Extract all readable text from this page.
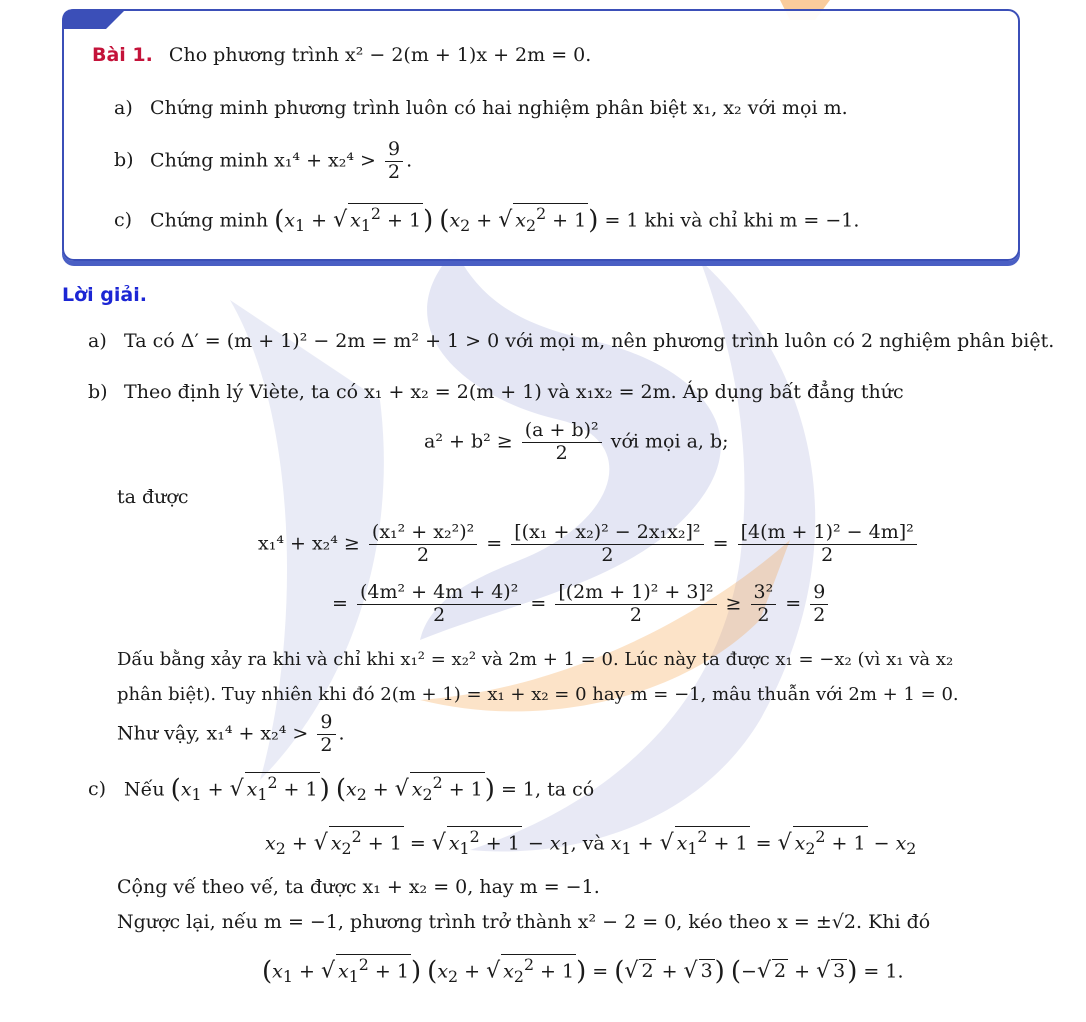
Bài 1. Cho phương trình x² − 2(m + 1)x + 2m = 0.
a) Chứng minh phương trình luôn có hai nghiệm phân biệt x₁, x₂ với mọi m.
b) Chứng minh $x_1^4 + x_2^4 > \frac{9}{2}$ .
c) Chứng minh ($x_1$ + √ $x_1^2 + 1$) ($x_2$ + √ $x_2^2 + 1) = 1$ khi và chỉ khi m = −1.
Lời giải.
a) Ta có Δ′ = (m + 1)² − 2m = m² + 1 > 0 với mọi m, nên phương trình luôn có 2 nghiệm phân biệt.
b) Theo định lý Viète, ta có x₁ + x₂ = 2(m + 1) và x₁x₂ = 2m. Áp dụng bất đẳng thức
$a^2 + b^2 \ge \frac{\text{(a + b)²}}{2}$ với mọi a, b;
ta được
$x_1^4 + x_2^4 \ge \frac{\text{(x₁² + x₂²)²}}{2} = \frac{\text{[(x₁ + x₂)² − 2x₁x₂]²}}{2} = \frac{\text{[4(m + 1)² − 4m]²}}{2}$
= $\frac{\text{(4m² + 4m + 4)²}}{2} = \frac{\text{[(2m + 1)² + 3]²}}{2} \ge \frac{\text{3²}}{2} = \frac{9}{2}$
Dấu bằng xảy ra khi và chỉ khi x₁² = x₂² và 2m + 1 = 0. Lúc này ta được x₁ = −x₂ (vì x₁ và x₂
phân biệt). Tuy nhiên khi đó 2(m + 1) = x₁ + x₂ = 0 hay m = −1, mâu thuẫn với 2m + 1 = 0.
Như vậy, $x_1^4 + x_2^4 > \frac{9}{2}$ .
c) Nếu ($x_1$ + √ $x_1^2 + 1$) ($x_2$ + √ $x_2^2 + 1) = 1$, ta có
$x_2$ + √ $x_2^2 + 1$ = √ $x_1^2 + 1 - x_1$, và $x_1$ + √ $x_1^2 + 1$ = √ $x_2^2 + 1 - x_2$
Cộng vế theo vế, ta được x₁ + x₂ = 0, hay m = −1.
Ngược lại, nếu m = −1, phương trình trở thành x² − 2 = 0, kéo theo x = ±√2. Khi đó
($x_1$ + √ $x_1^2 + 1$) ($x_2$ + √ $x_2^2 + 1$) = (√ 2 + √ 3) (−√ 2 + √ 3) = 1.
